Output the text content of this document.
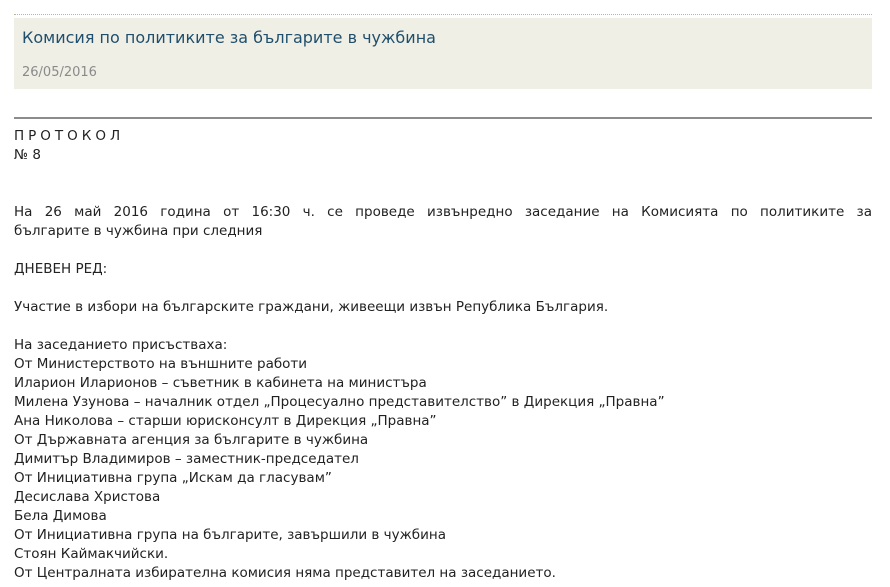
Комисия по политиките за българите в чужбина
26/05/2016
ПРОТОКОЛ
№ 8
На 26 май 2016 година от 16:30 ч. се проведе извънредно заседание на Комисията по политиките за
българите в чужбина при следния
ДНЕВЕН РЕД:
Участие в избори на българските граждани, живеещи извън Република България.
На заседанието присъстваха:
От Министерството на външните работи
Иларион Иларионов – съветник в кабинета на министъра
Милена Узунова – началник отдел „Процесуално представителство” в Дирекция „Правна”
Ана Николова – старши юрисконсулт в Дирекция „Правна”
От Държавната агенция за българите в чужбина
Димитър Владимиров – заместник-председател
От Инициативна група „Искам да гласувам”
Десислава Христова
Бела Димова
От Инициативна група на българите, завършили в чужбина
Стоян Каймакчийски.
От Централната избирателна комисия няма представител на заседанието.
